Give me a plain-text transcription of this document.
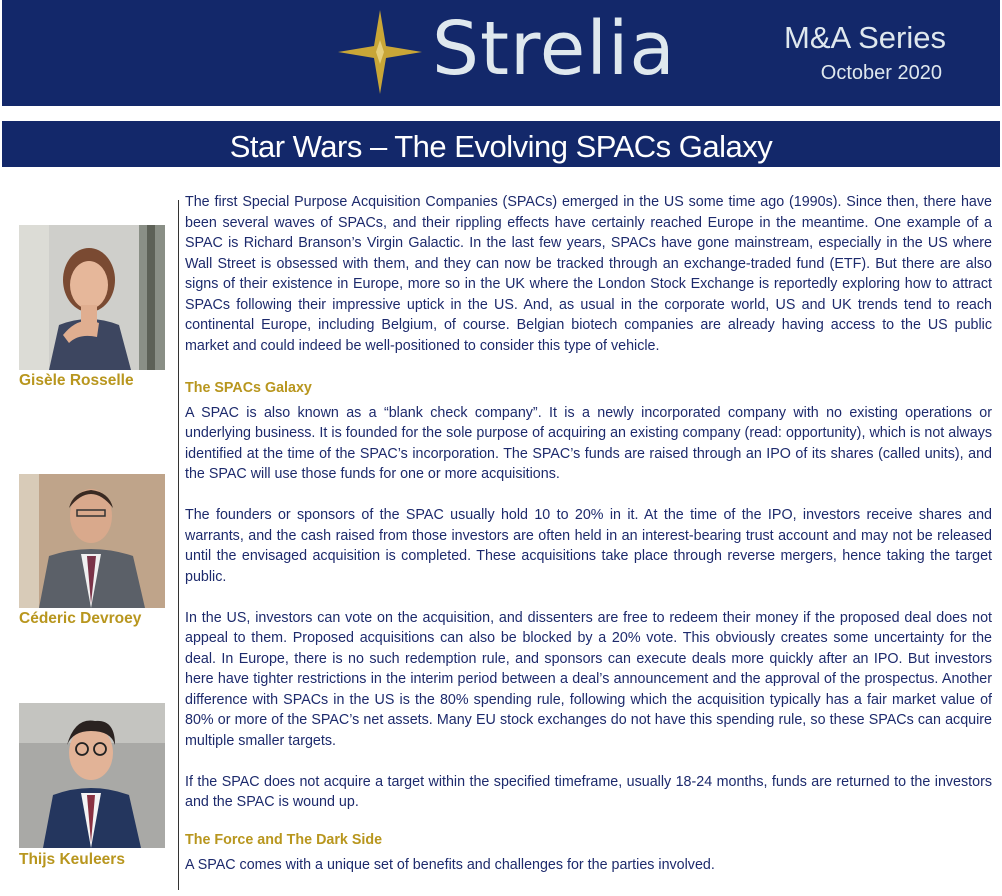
Strelia	M&A Series
October 2020
Star Wars – The Evolving SPACs Galaxy
Gisèle Rosselle
Céderic Devroey
Thijs Keuleers

The first Special Purpose Acquisition Companies (SPACs) emerged in the US some time ago (1990s). Since then, there have been several waves of SPACs, and their rippling effects have certainly reached Europe in the meantime. One example of a SPAC is Richard Branson’s Virgin Galactic. In the last few years, SPACs have gone mainstream, especially in the US where Wall Street is obsessed with them, and they can now be tracked through an exchange-traded fund (ETF). But there are also signs of their existence in Europe, more so in the UK where the London Stock Exchange is reportedly exploring how to attract SPACs following their impressive uptick in the US. And, as usual in the corporate world, US and UK trends tend to reach continental Europe, including Belgium, of course. Belgian biotech companies are already having access to the US public market and could indeed be well-positioned to consider this type of vehicle.

The SPACs Galaxy

A SPAC is also known as a “blank check company”. It is a newly incorporated company with no existing operations or underlying business. It is founded for the sole purpose of acquiring an existing company (read: opportunity), which is not always identified at the time of the SPAC’s incorporation. The SPAC’s funds are raised through an IPO of its shares (called units), and the SPAC will use those funds for one or more acquisitions.

The founders or sponsors of the SPAC usually hold 10 to 20% in it. At the time of the IPO, investors receive shares and warrants, and the cash raised from those investors are often held in an interest-bearing trust account and may not be released until the envisaged acquisition is completed. These acquisitions take place through reverse mergers, hence taking the target public.

In the US, investors can vote on the acquisition, and dissenters are free to redeem their money if the proposed deal does not appeal to them. Proposed acquisitions can also be blocked by a 20% vote. This obviously creates some uncertainty for the deal. In Europe, there is no such redemption rule, and sponsors can execute deals more quickly after an IPO. But investors here have tighter restrictions in the interim period between a deal’s announcement and the approval of the prospectus. Another difference with SPACs in the US is the 80% spending rule, following which the acquisition typically has a fair market value of 80% or more of the SPAC’s net assets. Many EU stock exchanges do not have this spending rule, so these SPACs can acquire multiple smaller targets.

If the SPAC does not acquire a target within the specified timeframe, usually 18-24 months, funds are returned to the investors and the SPAC is wound up.

The Force and The Dark Side

A SPAC comes with a unique set of benefits and challenges for the parties involved.
